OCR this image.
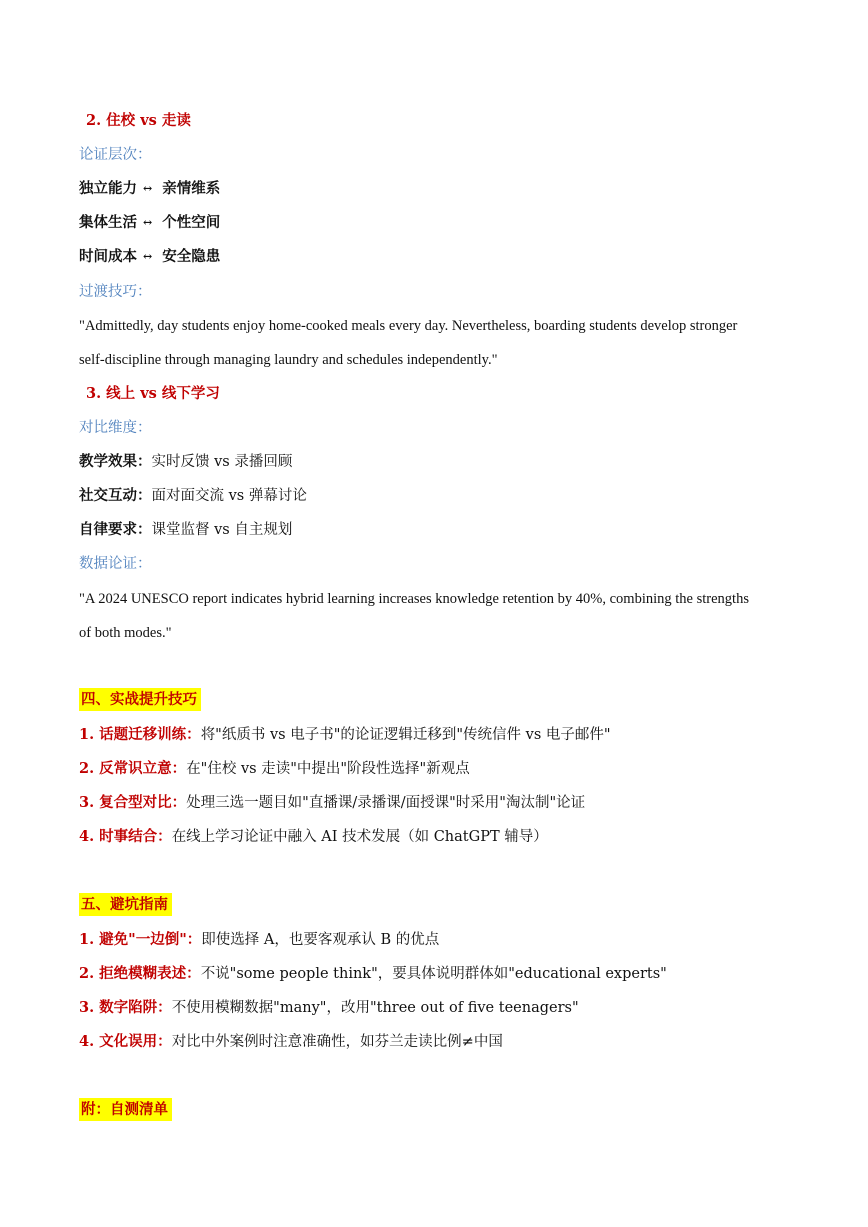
2. 住校 vs 走读
论证层次：
独立能力 ↔ 亲情维系
集体生活 ↔ 个性空间
时间成本 ↔ 安全隐患
过渡技巧：
"Admittedly, day students enjoy home-cooked meals every day. Nevertheless, boarding students develop stronger
self-discipline through managing laundry and schedules independently."
3. 线上 vs 线下学习
对比维度：
教学效果：实时反馈 vs 录播回顾
社交互动：面对面交流 vs 弹幕讨论
自律要求：课堂监督 vs 自主规划
数据论证：
"A 2024 UNESCO report indicates hybrid learning increases knowledge retention by 40%, combining the strengths
of both modes."
四、实战提升技巧
1. 话题迁移训练：将"纸质书 vs 电子书"的论证逻辑迁移到"传统信件 vs 电子邮件"
2. 反常识立意：在"住校 vs 走读"中提出"阶段性选择"新观点
3. 复合型对比：处理三选一题目如"直播课/录播课/面授课"时采用"淘汰制"论证
4. 时事结合：在线上学习论证中融入 AI 技术发展（如 ChatGPT 辅导）
五、避坑指南
1. 避免"一边倒"：即使选择 A，也要客观承认 B 的优点
2. 拒绝模糊表述：不说"some people think"，要具体说明群体如"educational experts"
3. 数字陷阱：不使用模糊数据"many"，改用"three out of five teenagers"
4. 文化误用：对比中外案例时注意准确性，如芬兰走读比例≠中国
附：自测清单
